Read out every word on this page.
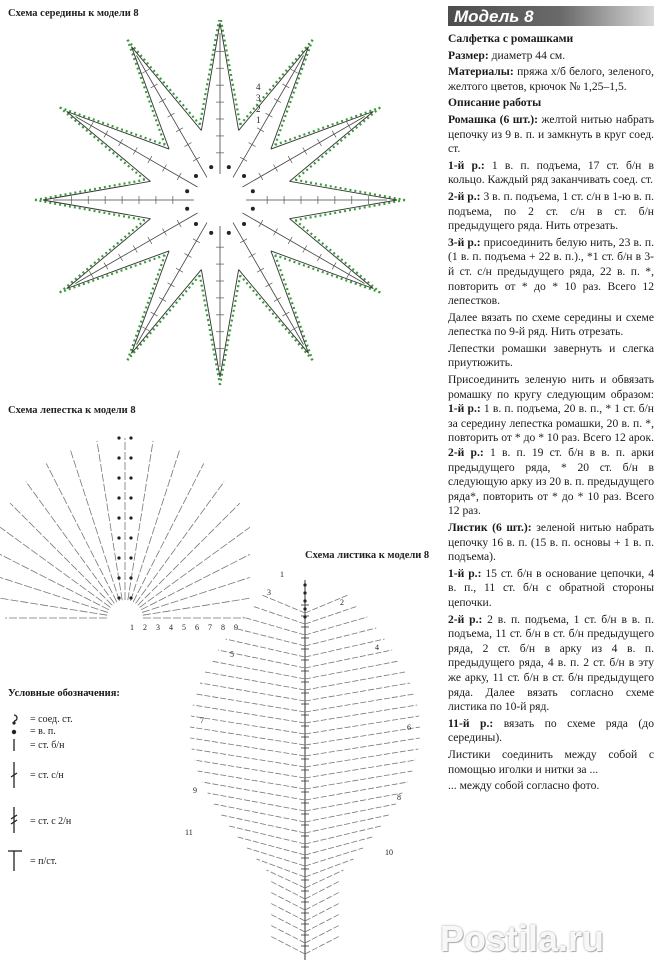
Схема середины к модели 8
4
3
2
1
Схема лепестка к модели 8
1 2 3 4 5 6 7 8 9
Схема листика к модели 8
1
2
3
4
5
6
7
8
9
10
11
Условные обозначения:
= соед. ст.
= в. п.
= ст. б/н
= ст. с/н
= ст. с 2/н
= п/ст.
Модель 8

Салфетка с ромашками

Размер: диаметр 44 см.

Материалы: пряжа х/б белого, зеленого, желтого цветов, крючок № 1,25–1,5.

Описание работы

Ромашка (6 шт.): желтой нитью набрать цепочку из 9 в. п. и замкнуть в круг соед. ст.

1-й р.: 1 в. п. подъема, 17 ст. б/н в кольцо. Каждый ряд заканчивать соед. ст.

2-й р.: 3 в. п. подъема, 1 ст. с/н в 1-ю в. п. подъема, по 2 ст. с/н в ст. б/н предыдущего ряда. Нить отрезать.

3-й р.: присоединить белую нить, 23 в. п. (1 в. п. подъема + 22 в. п.)., *1 ст. б/н в 3-й ст. с/н предыдущего ряда, 22 в. п. *, повторить от * до * 10 раз. Всего 12 лепестков.

Далее вязать по схеме середины и схеме лепестка по 9-й ряд. Нить отрезать.

Лепестки ромашки завернуть и слегка приутюжить.

Присоединить зеленую нить и обвязать ромашку по кругу следующим образом: 1-й р.: 1 в. п. подъема, 20 в. п., * 1 ст. б/н за середину лепестка ромашки, 20 в. п. *, повторить от * до * 10 раз. Всего 12 арок. 2-й р.: 1 в. п. 19 ст. б/н в в. п. арки предыдущего ряда, * 20 ст. б/н в следующую арку из 20 в. п. предыдущего ряда*, повторить от * до * 10 раз. Всего 12 раз.

Листик (6 шт.): зеленой нитью набрать цепочку 16 в. п. (15 в. п. основы + 1 в. п. подъема).

1-й р.: 15 ст. б/н в основание цепочки, 4 в. п., 11 ст. б/н с обратной стороны цепочки.

2-й р.: 2 в. п. подъема, 1 ст. б/н в в. п. подъема, 11 ст. б/н в ст. б/н предыдущего ряда, 2 ст. б/н в арку из 4 в. п. предыдущего ряда, 4 в. п. 2 ст. б/н в эту же арку, 11 ст. б/н в ст. б/н предыдущего ряда. Далее вязать согласно схеме листика по 10-й ряд.

11-й р.: вязать по схеме ряда (до середины).

Листики соединить между собой с помощью иголки и нитки за ...

... между собой согласно фото.

Postila.ru
